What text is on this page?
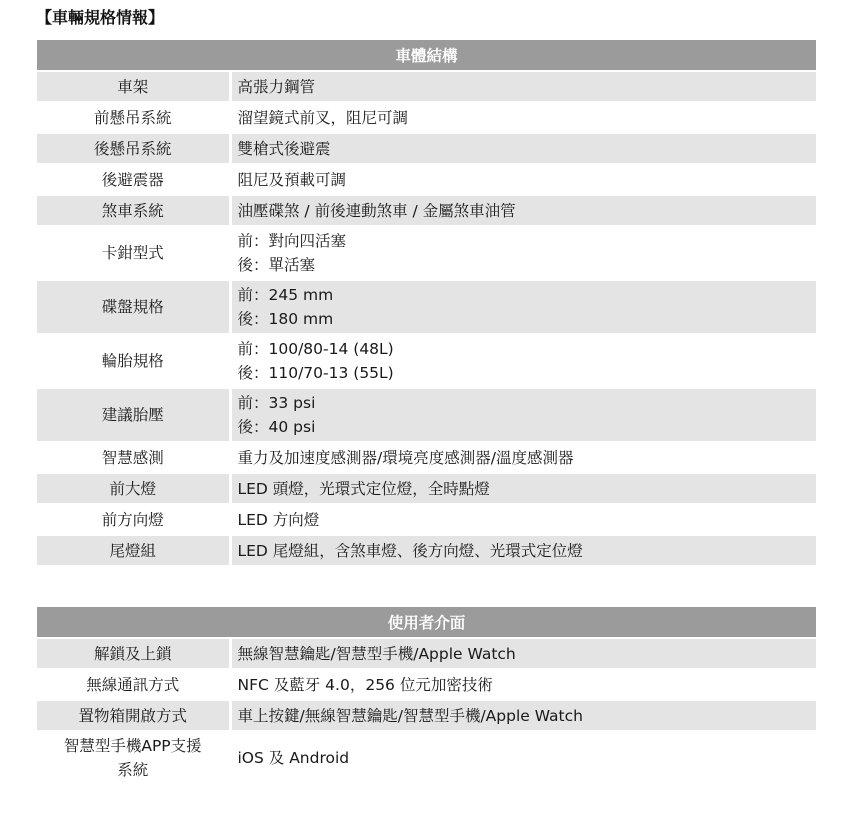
【車輛規格情報】
車體結構	
車架	高張力鋼管

前懸吊系統	溜望鏡式前叉，阻尼可調

後懸吊系統	雙槍式後避震

後避震器	阻尼及預載可調

煞車系統	油壓碟煞 / 前後連動煞車 / 金屬煞車油管

卡鉗型式	前：對向四活塞
後：單活塞

碟盤規格	前：245 mm
後：180 mm

輪胎規格	前：100/80-14 (48L)
後：110/70-13 (55L)

建議胎壓	前：33 psi
後：40 psi

智慧感測	重力及加速度感測器/環境亮度感測器/溫度感測器

前大燈	LED 頭燈，光環式定位燈，全時點燈

前方向燈	LED 方向燈

尾燈組	LED 尾燈組，含煞車燈、後方向燈、光環式定位燈
使用者介面	
解鎖及上鎖	無線智慧鑰匙/智慧型手機/Apple Watch

無線通訊方式	NFC 及藍牙 4.0，256 位元加密技術

置物箱開啟方式	車上按鍵/無線智慧鑰匙/智慧型手機/Apple Watch

智慧型手機APP支援
系統	iOS 及 Android
